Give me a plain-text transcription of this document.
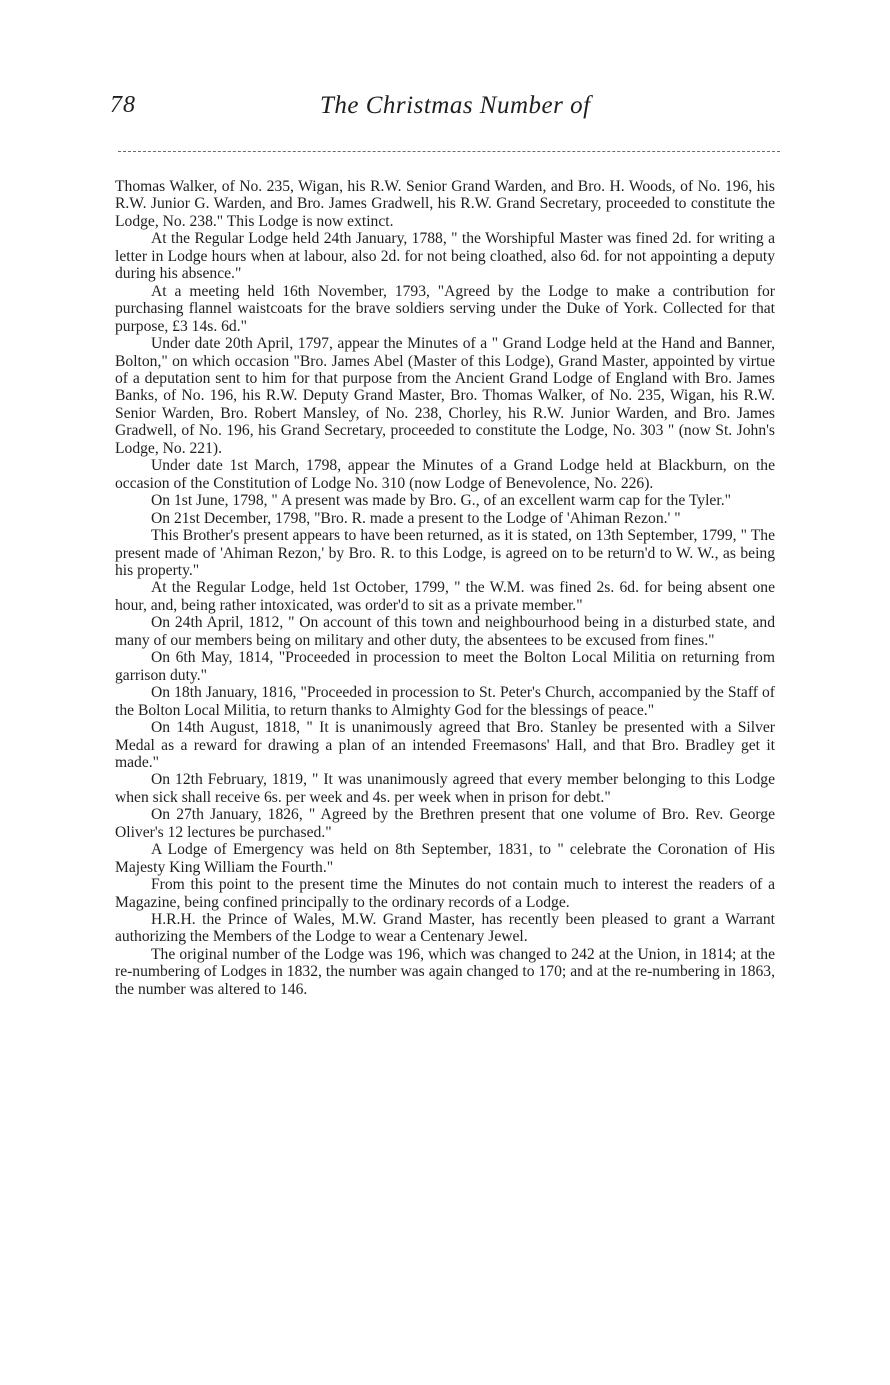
78	The Christmas Number of

Thomas Walker, of No. 235, Wigan, his R.W. Senior Grand Warden, and Bro. H. Woods, of No. 196, his R.W. Junior G. Warden, and Bro. James Gradwell, his R.W. Grand Secretary, proceeded to constitute the Lodge, No. 238." This Lodge is now extinct.

At the Regular Lodge held 24th January, 1788, " the Worshipful Master was fined 2d. for writing a letter in Lodge hours when at labour, also 2d. for not being cloathed, also 6d. for not appointing a deputy during his absence."

At a meeting held 16th November, 1793, "Agreed by the Lodge to make a contribution for purchasing flannel waistcoats for the brave soldiers serving under the Duke of York. Collected for that purpose, £3 14s. 6d."

Under date 20th April, 1797, appear the Minutes of a " Grand Lodge held at the Hand and Banner, Bolton," on which occasion "Bro. James Abel (Master of this Lodge), Grand Master, appointed by virtue of a deputation sent to him for that purpose from the Ancient Grand Lodge of England with Bro. James Banks, of No. 196, his R.W. Deputy Grand Master, Bro. Thomas Walker, of No. 235, Wigan, his R.W. Senior Warden, Bro. Robert Mansley, of No. 238, Chorley, his R.W. Junior Warden, and Bro. James Gradwell, of No. 196, his Grand Secretary, proceeded to constitute the Lodge, No. 303 " (now St. John's Lodge, No. 221).

Under date 1st March, 1798, appear the Minutes of a Grand Lodge held at Blackburn, on the occasion of the Constitution of Lodge No. 310 (now Lodge of Benevolence, No. 226).

On 1st June, 1798, " A present was made by Bro. G., of an excellent warm cap for the Tyler."

On 21st December, 1798, "Bro. R. made a present to the Lodge of 'Ahiman Rezon.' "

This Brother's present appears to have been returned, as it is stated, on 13th September, 1799, " The present made of 'Ahiman Rezon,' by Bro. R. to this Lodge, is agreed on to be return'd to W. W., as being his property."

At the Regular Lodge, held 1st October, 1799, " the W.M. was fined 2s. 6d. for being absent one hour, and, being rather intoxicated, was order'd to sit as a private member."

On 24th April, 1812, " On account of this town and neighbourhood being in a disturbed state, and many of our members being on military and other duty, the absentees to be excused from fines."

On 6th May, 1814, "Proceeded in procession to meet the Bolton Local Militia on returning from garrison duty."

On 18th January, 1816, "Proceeded in procession to St. Peter's Church, accompanied by the Staff of the Bolton Local Militia, to return thanks to Almighty God for the blessings of peace."

On 14th August, 1818, " It is unanimously agreed that Bro. Stanley be presented with a Silver Medal as a reward for drawing a plan of an intended Freemasons' Hall, and that Bro. Bradley get it made."

On 12th February, 1819, " It was unanimously agreed that every member belonging to this Lodge when sick shall receive 6s. per week and 4s. per week when in prison for debt."

On 27th January, 1826, " Agreed by the Brethren present that one volume of Bro. Rev. George Oliver's 12 lectures be purchased."

A Lodge of Emergency was held on 8th September, 1831, to " celebrate the Coronation of His Majesty King William the Fourth."

From this point to the present time the Minutes do not contain much to interest the readers of a Magazine, being confined principally to the ordinary records of a Lodge.

H.R.H. the Prince of Wales, M.W. Grand Master, has recently been pleased to grant a Warrant authorizing the Members of the Lodge to wear a Centenary Jewel.

The original number of the Lodge was 196, which was changed to 242 at the Union, in 1814; at the re-numbering of Lodges in 1832, the number was again changed to 170; and at the re-numbering in 1863, the number was altered to 146.
